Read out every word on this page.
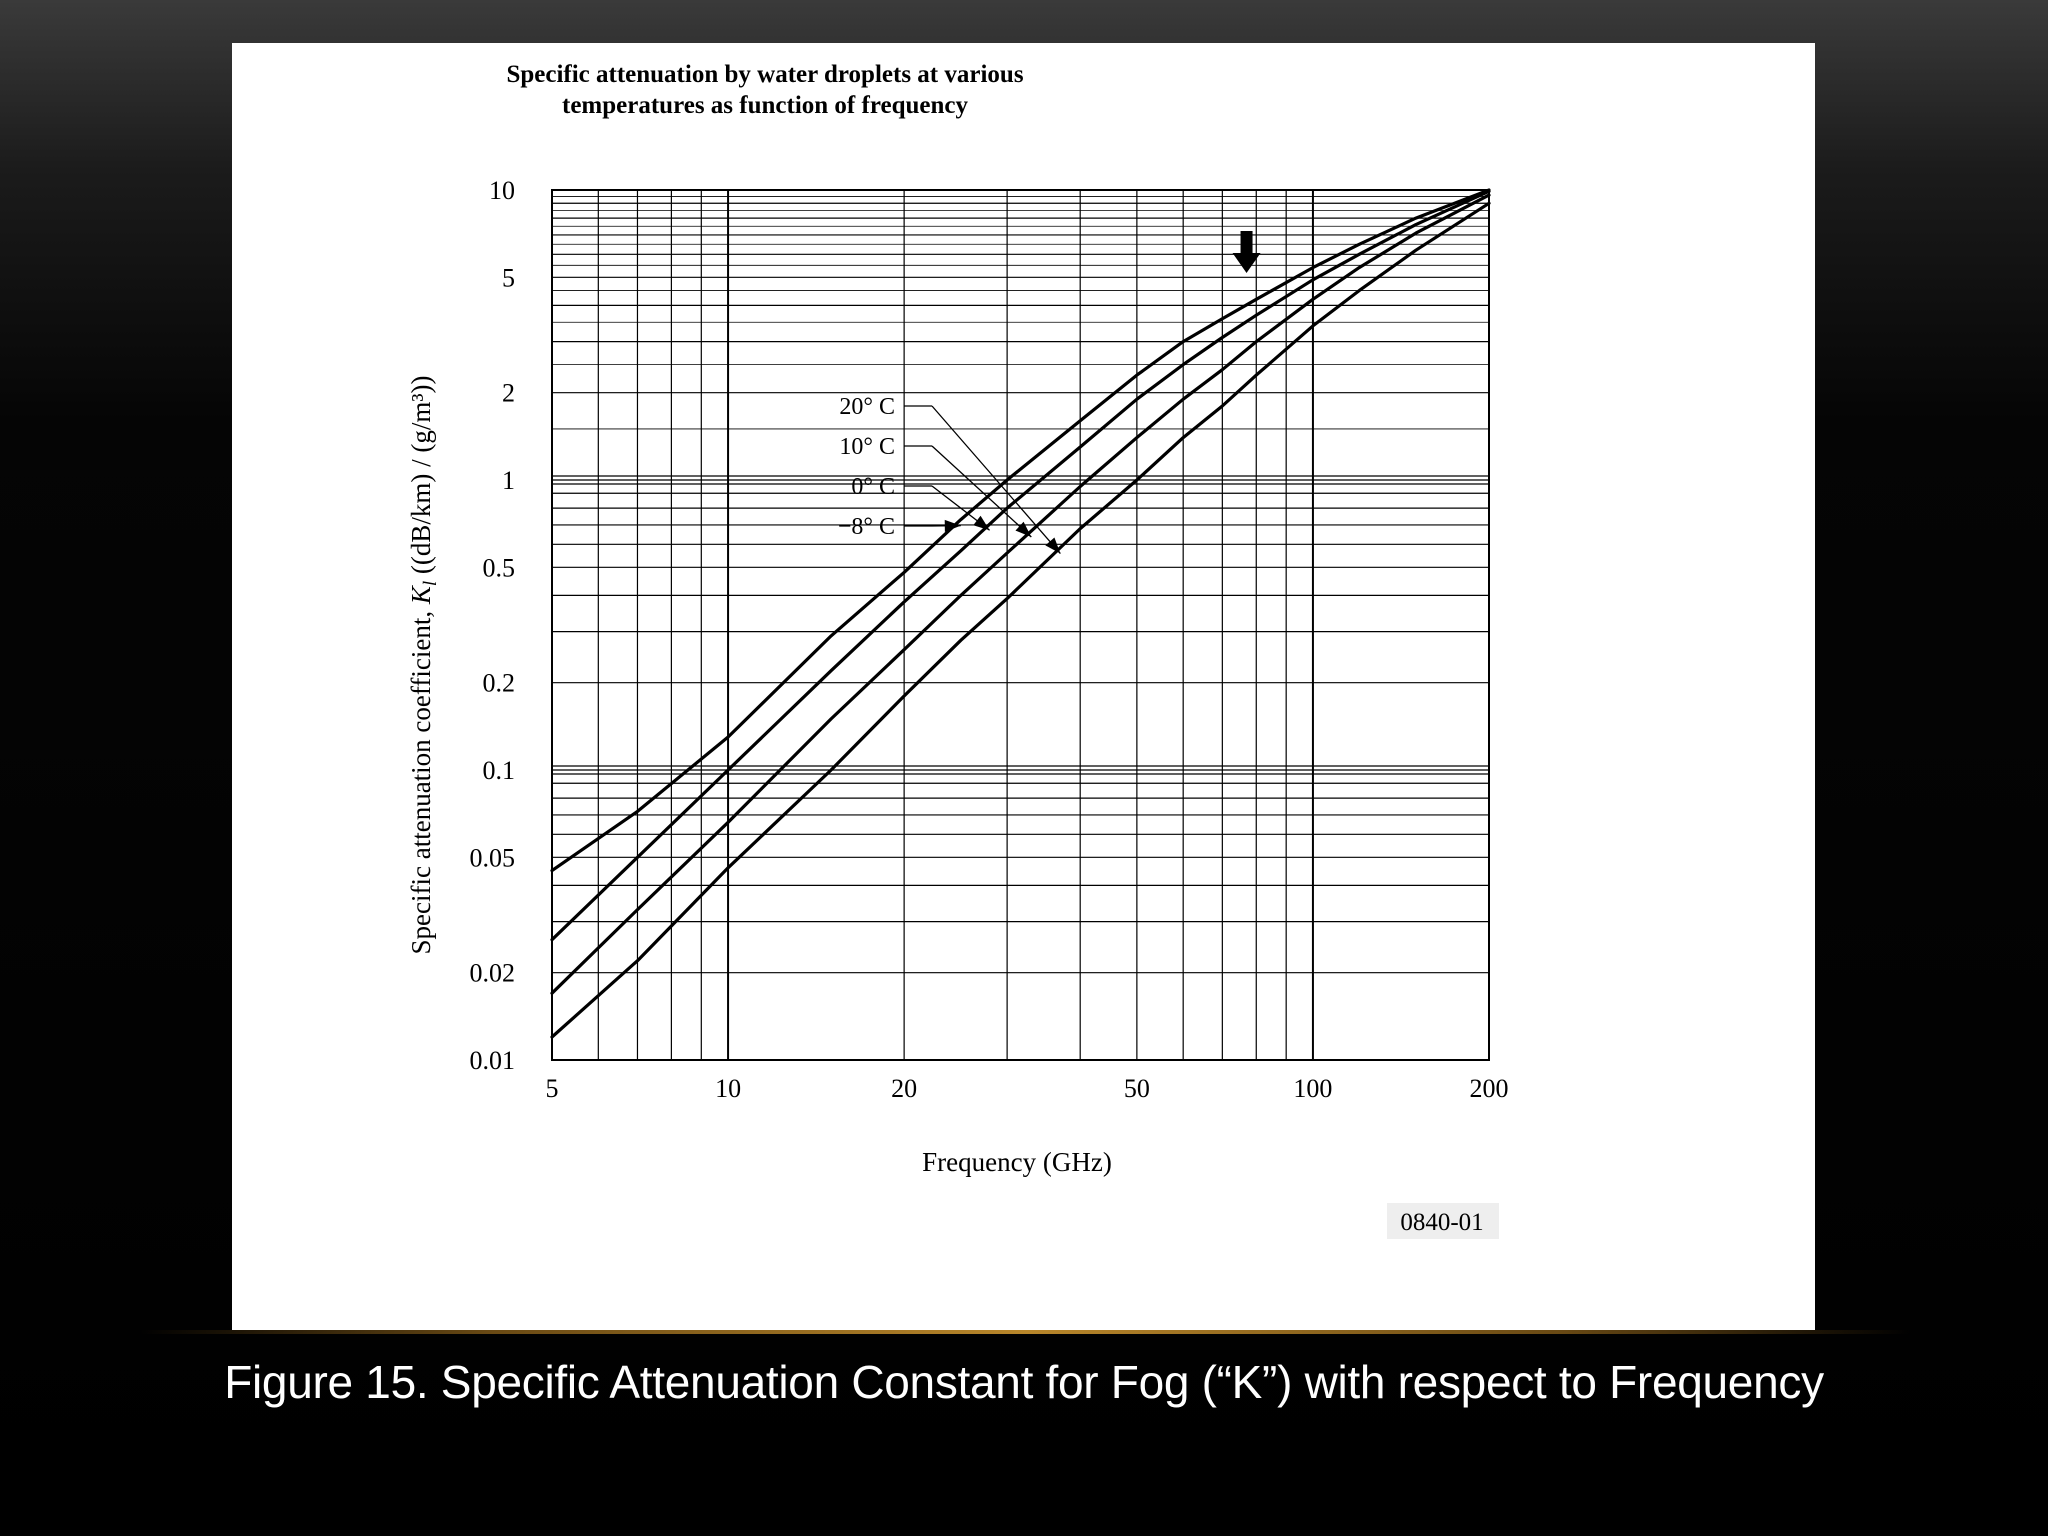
Specific attenuation by water droplets at various
temperatures as function of frequency
5	10	20	50	100	200
10
5
2
1
0.5
0.2
0.1
0.05
0.02
0.01
20° C
10° C
0° C
−8° C
Frequency (GHz)
Specific attenuation coefficient, $K_l$ ((dB/km) / (g/m³))
0840-01
Figure 15. Specific Attenuation Constant for Fog (“K”) with respect to Frequency
